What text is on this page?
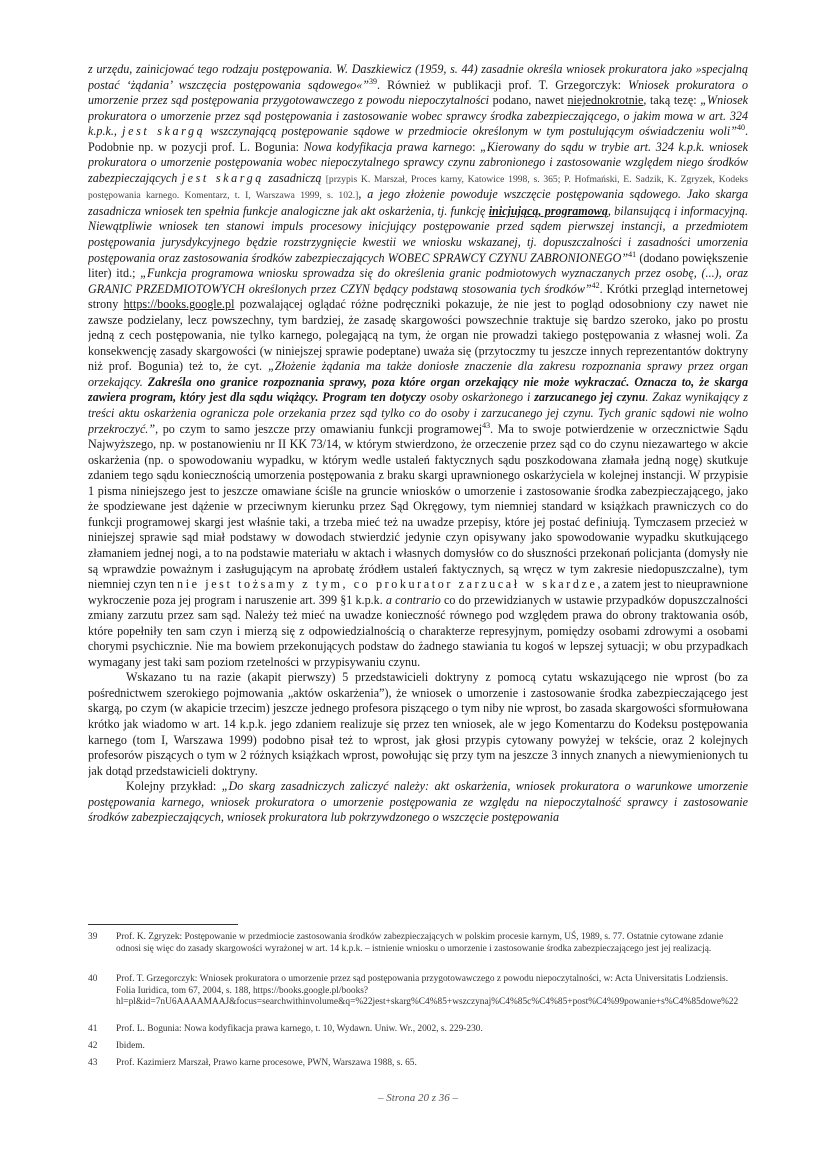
z urzędu, zainicjować tego rodzaju postępowania. W. Daszkiewicz (1959, s. 44) zasadnie określa wniosek prokuratora jako »specjalną postać ‘żądania’ wszczęcia postępowania sądowego«”$^{39}$. Również w publikacji prof. T. Grzegorczyk: Wniosek prokuratora o umorzenie przez sąd postępowania przygotowawczego z powodu niepoczytalności podano, nawet niejednokrotnie, taką tezę: „Wniosek prokuratora o umorzenie przez sąd postępowania i zastosowanie wobec sprawcy środka zabezpieczającego, o jakim mowa w art. 324 k.p.k., jest skargą wszczynającą postępowanie sądowe w przedmiocie określonym w tym postulującym oświadczeniu woli”$^{40}$. Podobnie np. w pozycji prof. L. Bogunia: Nowa kodyfikacja prawa karnego: „Kierowany do sądu w trybie art. 324 k.p.k. wniosek prokuratora o umorzenie postępowania wobec niepoczytalnego sprawcy czynu zabronionego i zastosowanie względem niego środków zabezpieczających jest skargą zasadniczą [przypis K. Marszał, Proces karny, Katowice 1998, s. 365; P. Hofmański, E. Sadzik, K. Zgryzek, Kodeks postępowania karnego. Komentarz, t. I, Warszawa 1999, s. 102.], a jego złożenie powoduje wszczęcie postępowania sądowego. Jako skarga zasadnicza wniosek ten spełnia funkcje analogiczne jak akt oskarżenia, tj. funkcję inicjującą, programową, bilansującą i informacyjną. Niewątpliwie wniosek ten stanowi impuls procesowy inicjujący postępowanie przed sądem pierwszej instancji, a przedmiotem postępowania jurysdykcyjnego będzie rozstrzygnięcie kwestii we wniosku wskazanej, tj. dopuszczalności i zasadności umorzenia postępowania oraz zastosowania środków zabezpieczających WOBEC SPRAWCY CZYNU ZABRONIONEGO”$^{41}$ (dodano powiększenie liter) itd.; „Funkcja programowa wniosku sprowadza się do określenia granic podmiotowych wyznaczanych przez osobę, (...), oraz GRANIC PRZEDMIOTOWYCH określonych przez CZYN będący podstawą stosowania tych środków”$^{42}$. Krótki przegląd internetowej strony https://books.google.pl pozwalającej oglądać różne podręczniki pokazuje, że nie jest to pogląd odosobniony czy nawet nie zawsze podzielany, lecz powszechny, tym bardziej, że zasadę skargowości powszechnie traktuje się bardzo szeroko, jako po prostu jedną z cech postępowania, nie tylko karnego, polegającą na tym, że organ nie prowadzi takiego postępowania z własnej woli. Za konsekwencję zasady skargowości (w niniejszej sprawie podeptane) uważa się (przytoczmy tu jeszcze innych reprezentantów doktryny niż prof. Bogunia) też to, że cyt. „Złożenie żądania ma także doniosłe znaczenie dla zakresu rozpoznania sprawy przez organ orzekający. Zakreśla ono granice rozpoznania sprawy, poza które organ orzekający nie może wykraczać. Oznacza to, że skarga zawiera program, który jest dla sądu wiążący. Program ten dotyczy osoby oskarżonego i zarzucanego jej czynu. Zakaz wynikający z treści aktu oskarżenia ogranicza pole orzekania przez sąd tylko co do osoby i zarzucanego jej czynu. Tych granic sądowi nie wolno przekroczyć.”, po czym to samo jeszcze przy omawianiu funkcji programowej$^{43}$. Ma to swoje potwierdzenie w orzecznictwie Sądu Najwyższego, np. w postanowieniu nr II KK 73/14, w którym stwierdzono, że orzeczenie przez sąd co do czynu niezawartego w akcie oskarżenia (np. o spowodowaniu wypadku, w którym wedle ustaleń faktycznych sądu poszkodowana złamała jedną nogę) skutkuje zdaniem tego sądu koniecznością umorzenia postępowania z braku skargi uprawnionego oskarżyciela w kolejnej instancji. W przypisie 1 pisma niniejszego jest to jeszcze omawiane ściśle na gruncie wniosków o umorzenie i zastosowanie środka zabezpieczającego, jako że spodziewane jest dążenie w przeciwnym kierunku przez Sąd Okręgowy, tym niemniej standard w książkach prawniczych co do funkcji programowej skargi jest właśnie taki, a trzeba mieć też na uwadze przepisy, które jej postać definiują. Tymczasem przecież w niniejszej sprawie sąd miał podstawy w dowodach stwierdzić jedynie czyn opisywany jako spowodowanie wypadku skutkującego złamaniem jednej nogi, a to na podstawie materiału w aktach i własnych domysłów co do słuszności przekonań policjanta (domysły nie są wprawdzie poważnym i zasługującym na aprobatę źródłem ustaleń faktycznych, są wręcz w tym zakresie niedopuszczalne), tym niemniej czyn ten nie jest tożsamy z tym, co prokurator zarzucał w skardze, a zatem jest to nieuprawnione wykroczenie poza jej program i naruszenie art. 399 §1 k.p.k. a contrario co do przewidzianych w ustawie przypadków dopuszczalności zmiany zarzutu przez sam sąd. Należy też mieć na uwadze konieczność równego pod względem prawa do obrony traktowania osób, które popełniły ten sam czyn i mierzą się z odpowiedzialnością o charakterze represyjnym, pomiędzy osobami zdrowymi a osobami chorymi psychicznie. Nie ma bowiem przekonujących podstaw do żadnego stawiania tu kogoś w lepszej sytuacji; w obu przypadkach wymagany jest taki sam poziom rzetelności w przypisywaniu czynu.

Wskazano tu na razie (akapit pierwszy) 5 przedstawicieli doktryny z pomocą cytatu wskazującego nie wprost (bo za pośrednictwem szerokiego pojmowania „aktów oskarżenia”), że wniosek o umorzenie i zastosowanie środka zabezpieczającego jest skargą, po czym (w akapicie trzecim) jeszcze jednego profesora piszącego o tym niby nie wprost, bo zasada skargowości sformułowana krótko jak wiadomo w art. 14 k.p.k. jego zdaniem realizuje się przez ten wniosek, ale w jego Komentarzu do Kodeksu postępowania karnego (tom I, Warszawa 1999) podobno pisał też to wprost, jak głosi przypis cytowany powyżej w tekście, oraz 2 kolejnych profesorów piszących o tym w 2 różnych książkach wprost, powołując się przy tym na jeszcze 3 innych znanych a niewymienionych tu jak dotąd przedstawicieli doktryny.

Kolejny przykład: „Do skarg zasadniczych zaliczyć należy: akt oskarżenia, wniosek prokuratora o warunkowe umorzenie postępowania karnego, wniosek prokuratora o umorzenie postępowania ze względu na niepoczytalność sprawcy i zastosowanie środków zabezpieczających, wniosek prokuratora lub pokrzywdzonego o wszczęcie postępowania

39	Prof. K. Zgryzek: Postępowanie w przedmiocie zastosowania środków zabezpieczających w polskim procesie karnym, UŚ, 1989, s. 77. Ostatnie cytowane zdanie odnosi się więc do zasady skargowości wyrażonej w art. 14 k.p.k. – istnienie wniosku o umorzenie i zastosowanie środka zabezpieczającego jest jej realizacją.
40	Prof. T. Grzegorczyk: Wniosek prokuratora o umorzenie przez sąd postępowania przygotowawczego z powodu niepoczytalności, w: Acta Universitatis Lodziensis. Folia Iuridica, tom 67, 2004, s. 188, https://books.google.pl/books?hl=pl&id=7nU6AAAAMAAJ&focus=searchwithinvolume&q=%22jest+skarg%C4%85+wszczynaj%C4%85c%C4%85+post%C4%99powanie+s%C4%85dowe%22
41	Prof. L. Bogunia: Nowa kodyfikacja prawa karnego, t. 10, Wydawn. Uniw. Wr., 2002, s. 229-230.
42	Ibidem.
43	Prof. Kazimierz Marszał, Prawo karne procesowe, PWN, Warszawa 1988, s. 65.
– Strona 20 z 36 –
